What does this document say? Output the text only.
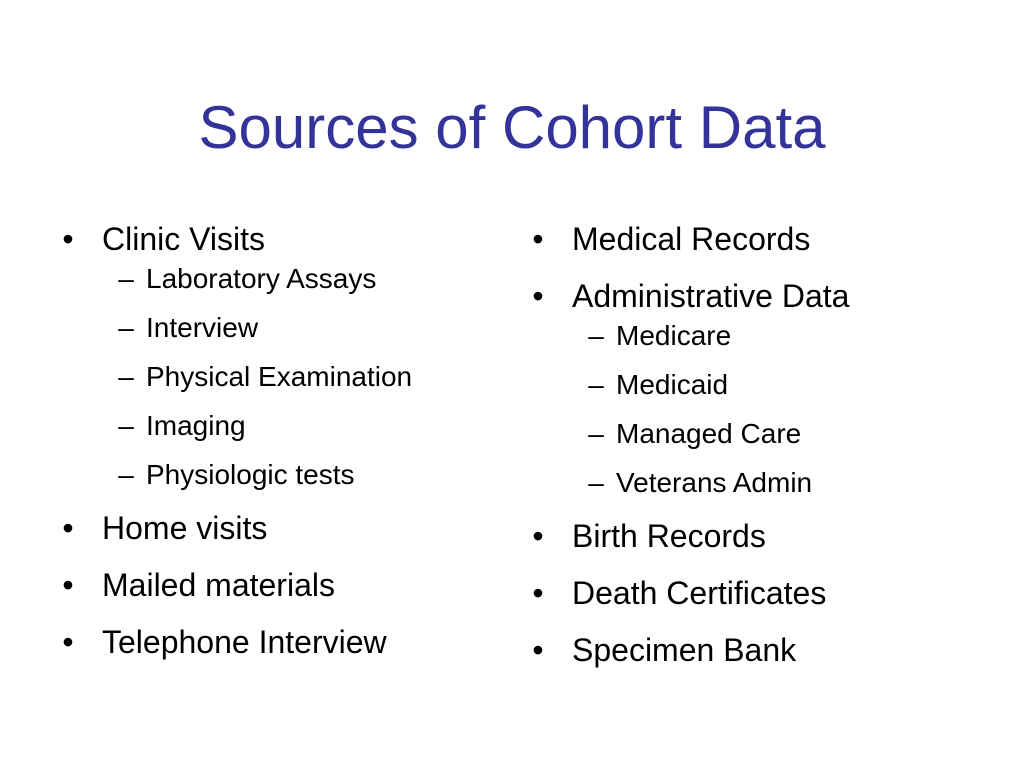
Sources of Cohort Data
• Clinic Visits
– Laboratory Assays
– Interview
– Physical Examination
– Imaging
– Physiologic tests
• Home visits
• Mailed materials
• Telephone Interview
• Medical Records
• Administrative Data
– Medicare
– Medicaid
– Managed Care
– Veterans Admin
• Birth Records
• Death Certificates
• Specimen Bank
